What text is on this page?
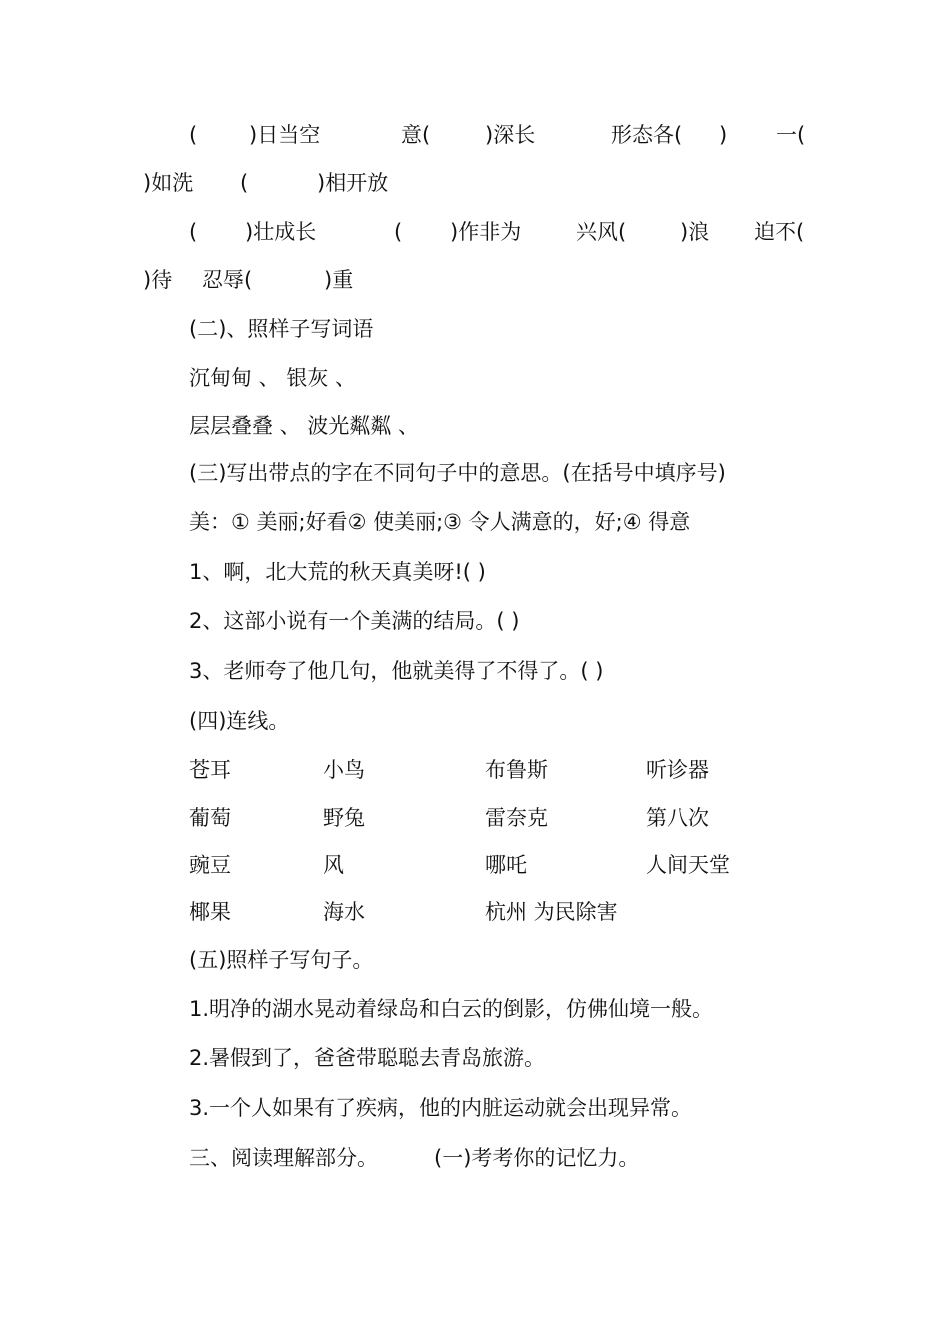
( )日当空	意(	)深长	形态各( ) 一(
)如洗 (	)相开放
( )壮成长	( )作非为	兴风(	)浪 迫不(
)待 忍辱(	)重
(二)、照样子写词语
沉甸甸 、 银灰 、
层层叠叠 、 波光粼粼 、
(三)写出带点的字在不同句子中的意思。(在括号中填序号)
美：① 美丽;好看② 使美丽;③ 令人满意的，好;④ 得意
1、啊，北大荒的秋天真美呀!( )
2、这部小说有一个美满的结局。( )
3、老师夸了他几句，他就美得了不得了。( )
(四)连线。
苍耳	小鸟	布鲁斯	听诊器
葡萄	野兔	雷奈克	第八次
豌豆	风	哪吒	人间天堂
椰果	海水	杭州 为民除害
(五)照样子写句子。
1.明净的湖水晃动着绿岛和白云的倒影，仿佛仙境一般。
2.暑假到了，爸爸带聪聪去青岛旅游。
3.一个人如果有了疾病，他的内脏运动就会出现异常。
三、阅读理解部分。	(一)考考你的记忆力。
